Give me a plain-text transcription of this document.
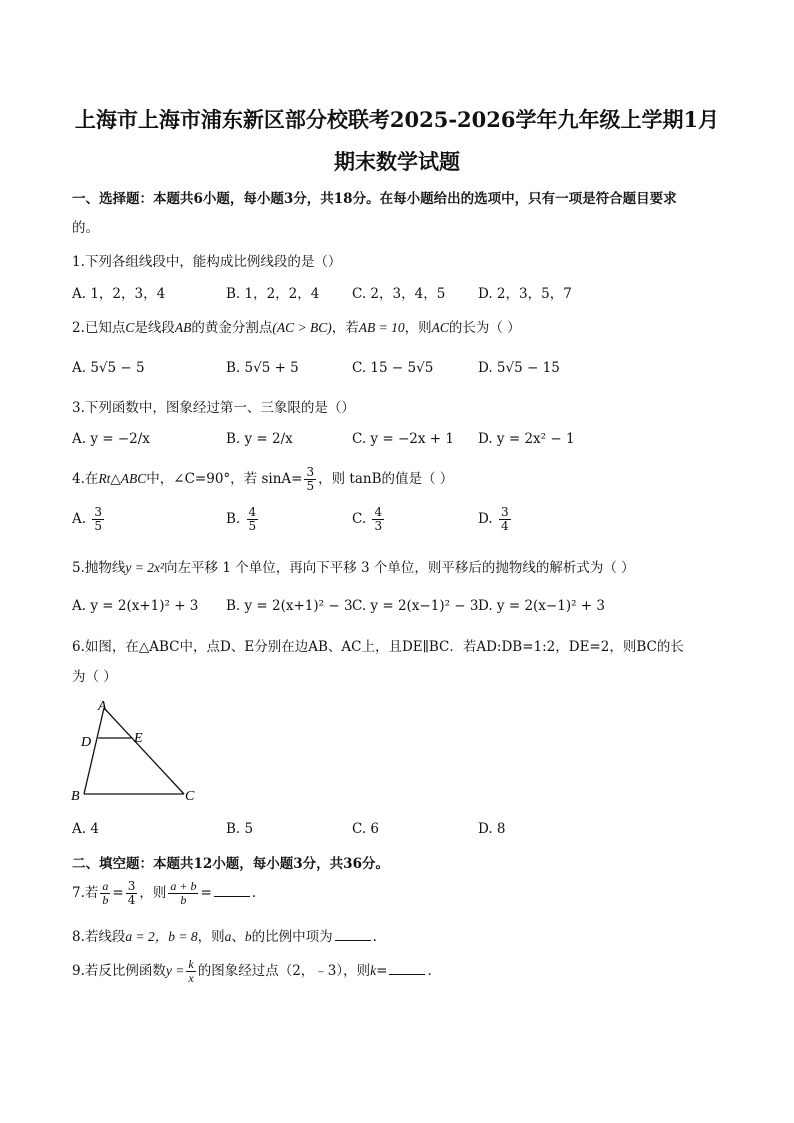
上海市上海市浦东新区部分校联考2025-2026学年九年级上学期1月
期末数学试题
一、选择题：本题共6小题，每小题3分，共18分。在每小题给出的选项中，只有一项是符合题目要求
的。
1.下列各组线段中，能构成比例线段的是（）
A. 1，2，3，4	B. 1，2，2，4 C. 2，3，4，5 D. 2，3，5，7
2.已知点C是线段AB的黄金分割点(AC > BC)，若AB = 10，则AC的长为（ ）
A. 5√5 − 5	B. 5√5 + 5	C. 15 − 5√5	D. 5√5 − 15
3.下列函数中，图象经过第一、三象限的是（）
A. y = −2/x	B. y = 2/x	C. y = −2x + 1 D. y = 2x² − 1
4.在Rt△ABC中，∠C=90°，若 $\sin A= \frac{3}{5}$ ，则 tanB的值是（ ）
A. $\frac{3}{5}$	B. $\frac{4}{5}$	C. $\frac{4}{3}$	D. $\frac{3}{4}$
5.抛物线y = 2x²向左平移 1 个单位，再向下平移 3 个单位，则平移后的抛物线的解析式为（ ）
A. y = 2(x+1)² + 3 B. y = 2(x+1)² − 3 C. y = 2(x−1)² − 3 D. y = 2(x−1)² + 3
6.如图，在△ABC中，点D、E分别在边AB、AC上，且DE∥BC．若AD:DB=1:2，DE=2，则BC的长
为（ ）
A
D	E
B	C
A. 4	B. 5	C. 6	D. 8
二、填空题：本题共12小题，每小题3分，共36分。
7.若 $\frac{a}{b} = \frac{3}{4}$ ，则 $\frac{a + b}{b}$ =	.
8.若线段a = 2，b = 8，则a、b的比例中项为	.
9.若反比例函数$y = \frac{k}{x}$ 的图象经过点（2，﹣3），则k=	.
